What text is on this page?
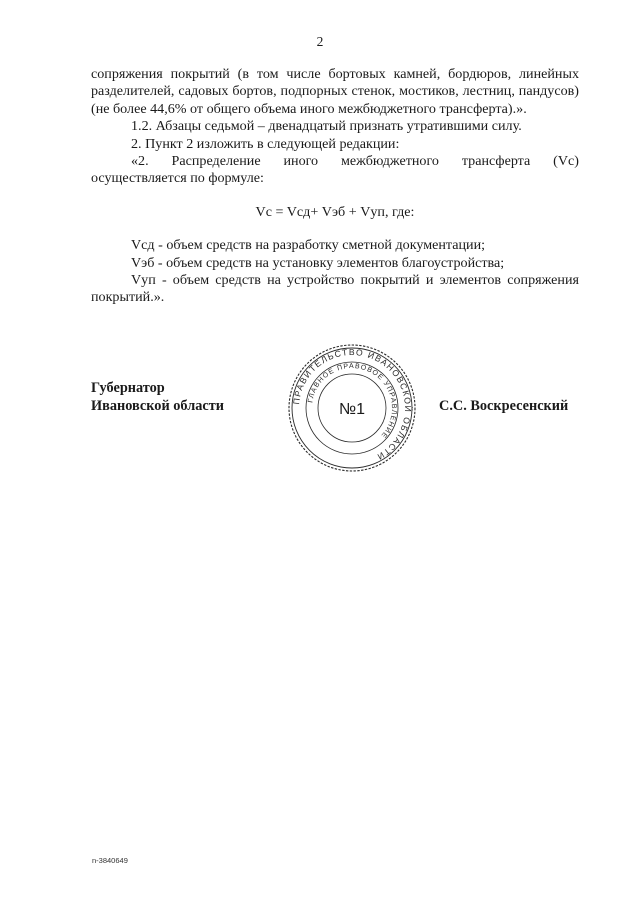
2

сопряжения покрытий (в том числе бортовых камней, бордюров, линейных разделителей, садовых бортов, подпорных стенок, мостиков, лестниц, пандусов) (не более 44,6% от общего объема иного межбюджетного трансферта).».

1.2. Абзацы седьмой – двенадцатый признать утратившими силу.

2. Пункт 2 изложить в следующей редакции:

«2. Распределение иного межбюджетного трансферта (Vc) осуществляется по формуле:

Vc = Vсд+ Vэб + Vуп, где:

Vсд - объем средств на разработку сметной документации;

Vэб - объем средств на установку элементов благоустройства;

Vуп - объем средств на устройство покрытий и элементов сопряжения покрытий.».

Губернатор
Ивановской области	ПРАВИТЕЛЬСТВО ИВАНОВСКОЙ ОБЛАСТИ
ГЛАВНОЕ ПРАВОВОЕ УПРАВЛЕНИЕ
№1	С.С. Воскресенский
n-3840649
